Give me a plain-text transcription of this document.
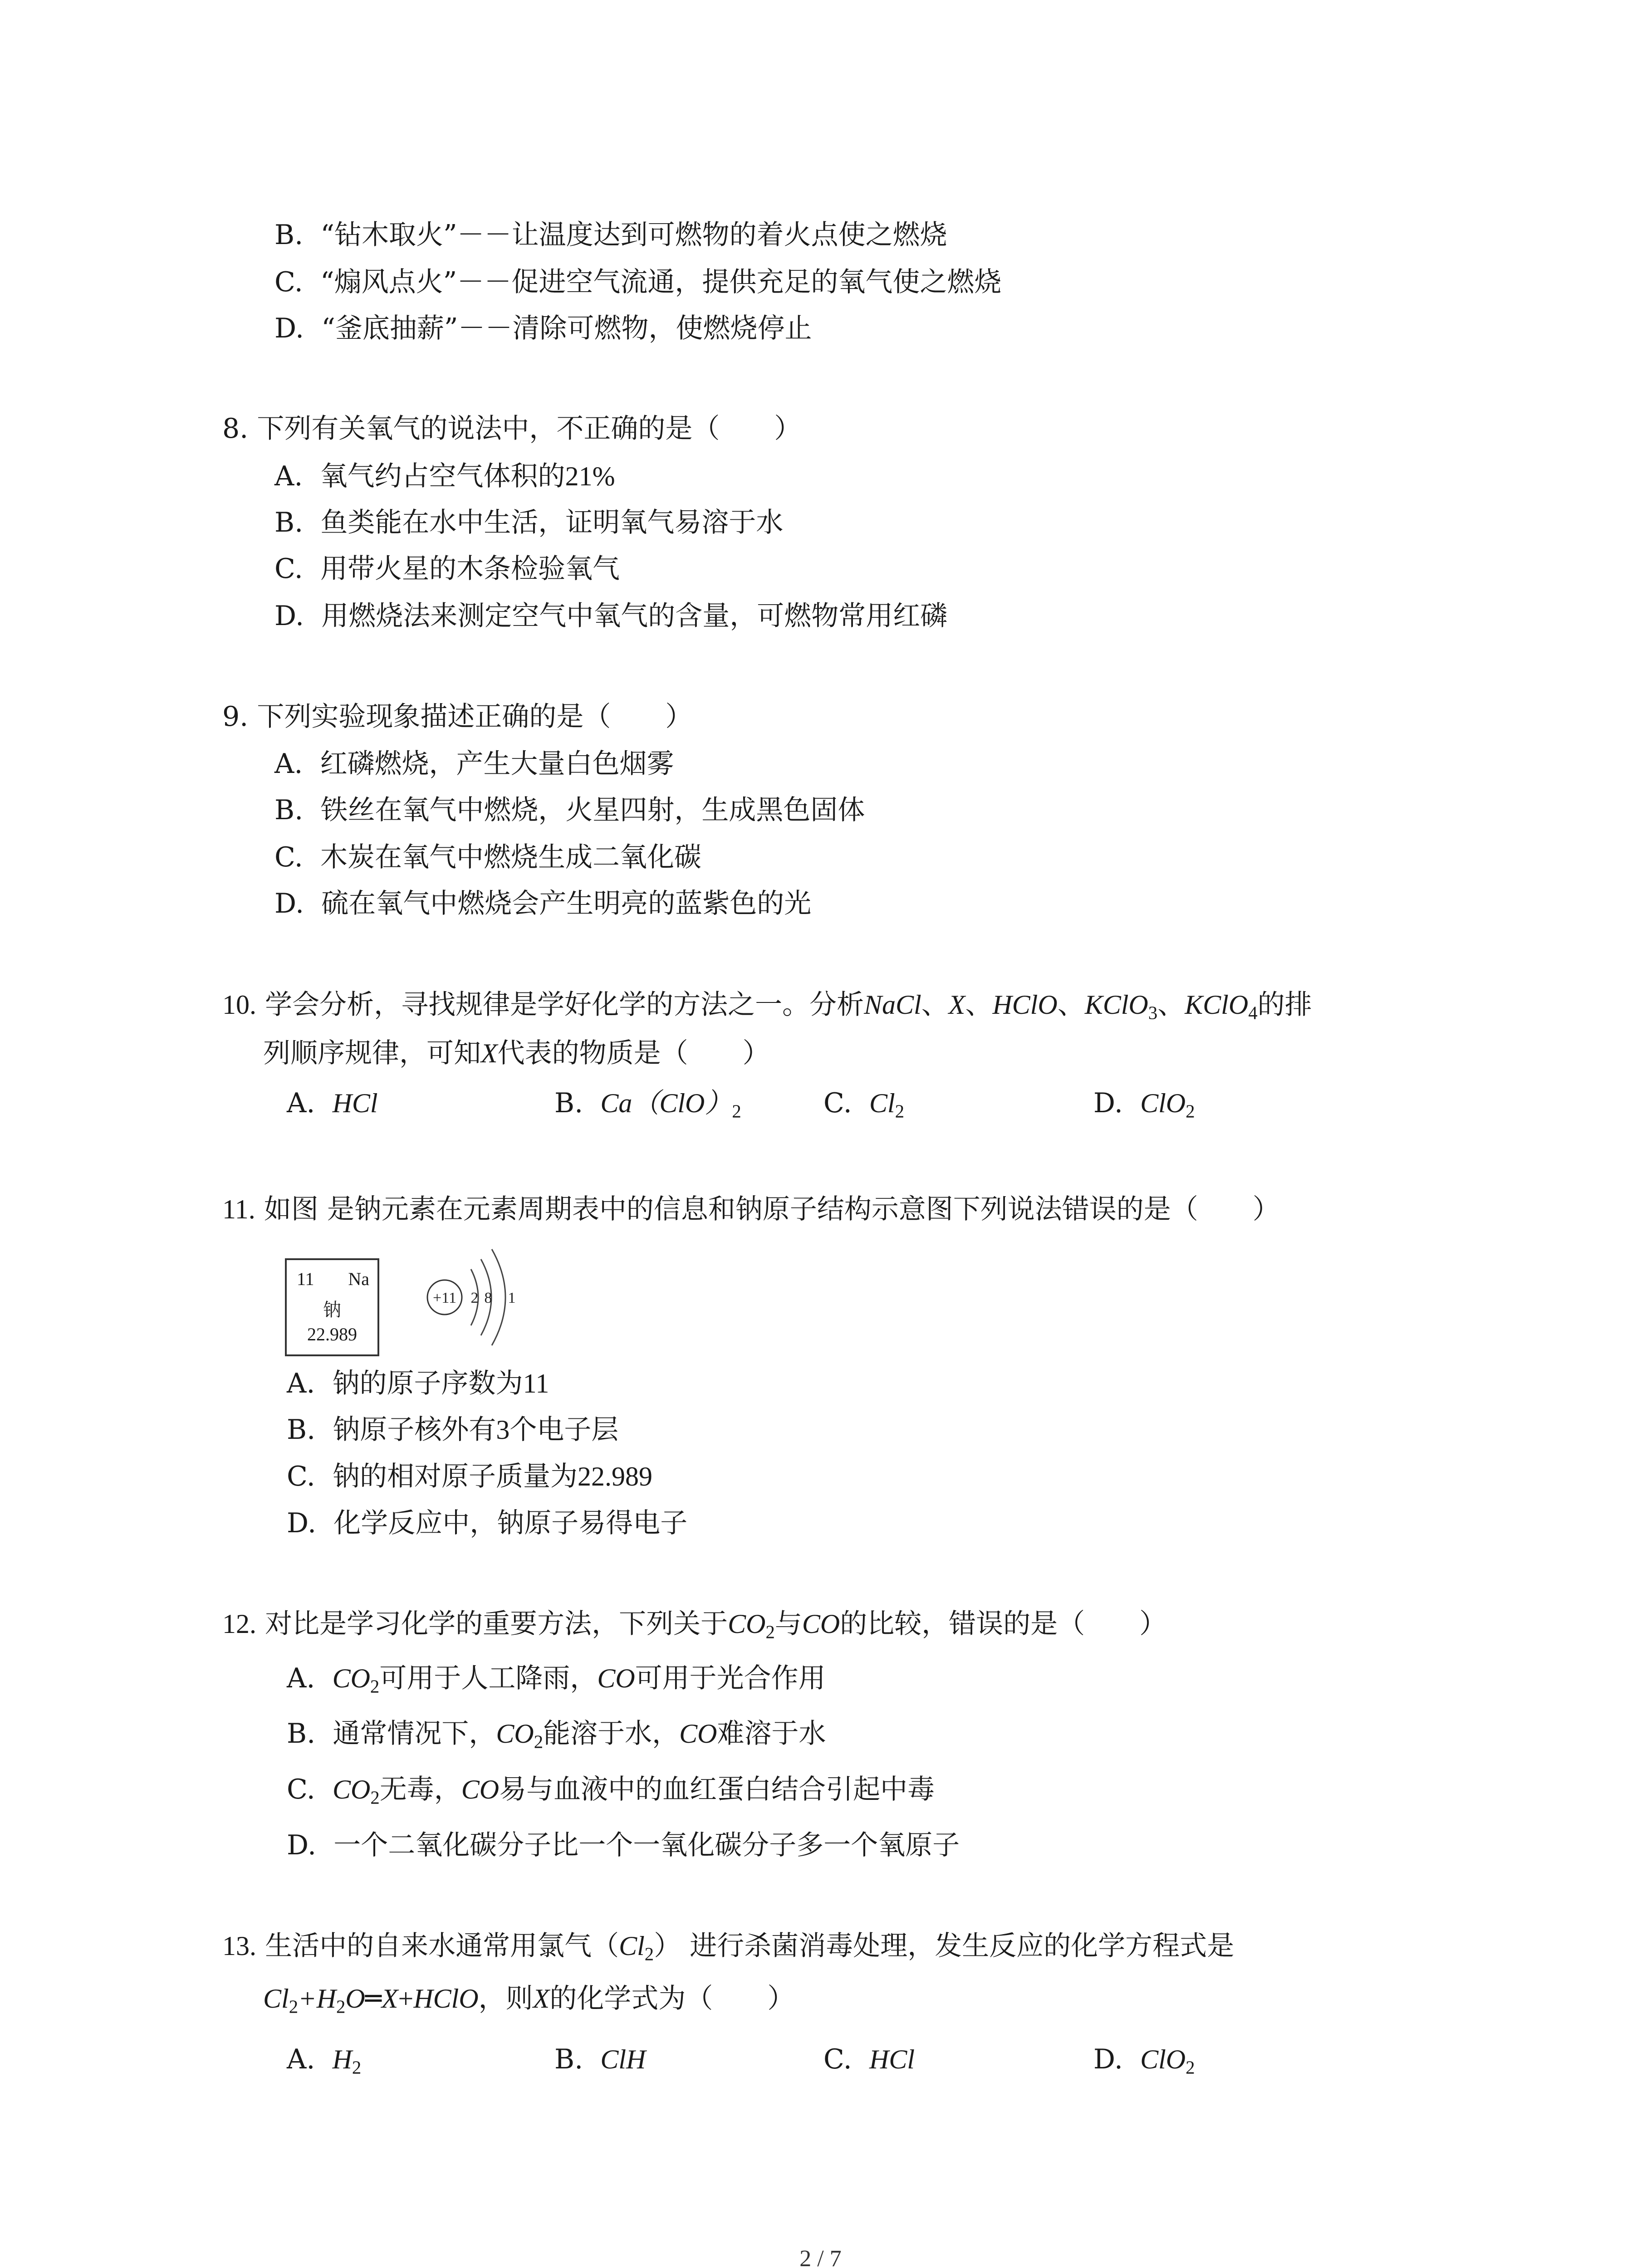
B. “钻木取火”－－让温度达到可燃物的着火点使之燃烧
C. “煽风点火”－－促进空气流通，提供充足的氧气使之燃烧
D. “釜底抽薪”－－清除可燃物，使燃烧停止
8. 下列有关氧气的说法中，不正确的是（　　）
A. 氧气约占空气体积的21%
B. 鱼类能在水中生活，证明氧气易溶于水
C. 用带火星的木条检验氧气
D. 用燃烧法来测定空气中氧气的含量，可燃物常用红磷
9. 下列实验现象描述正确的是（　　）
A. 红磷燃烧，产生大量白色烟雾
B. 铁丝在氧气中燃烧，火星四射，生成黑色固体
C. 木炭在氧气中燃烧生成二氧化碳
D. 硫在氧气中燃烧会产生明亮的蓝紫色的光
10. 学会分析，寻找规律是学好化学的方法之一。分析NaCl、X、HClO、KClO$_3$、KClO$_4$的排
列顺序规律，可知X代表的物质是（　　）
A. HCl	B. $Ca(ClO)_2$	C. $Cl_2$	D. ClO$_2$
11. 如图 是钠元素在元素周期表中的信息和钠原子结构示意图下列说法错误的是（　　）
11 Na
钠
22.989
+11 2 8 1
A. 钠的原子序数为11
B. 钠原子核外有3个电子层
C. 钠的相对原子质量为22.989
D. 化学反应中，钠原子易得电子
12. 对比是学习化学的重要方法，下列关于$CO_2$与CO的比较，错误的是（　　）
A. $CO_2$可用于人工降雨，CO可用于光合作用
B. 通常情况下，$CO_2$能溶于水，CO难溶于水
C. $CO_2$无毒，CO易与血液中的血红蛋白结合引起中毒
D. 一个二氧化碳分子比一个一氧化碳分子多一个氧原子
13. 生活中的自来水通常用氯气$(Cl_2)$ 进行杀菌消毒处理，发生反应的化学方程式是
$Cl_2+H_2O═X+HClO$，则X的化学式为（　　）
A. $H_2$	B. ClH	C. HCl	D. ClO$_2$
2 / 7
